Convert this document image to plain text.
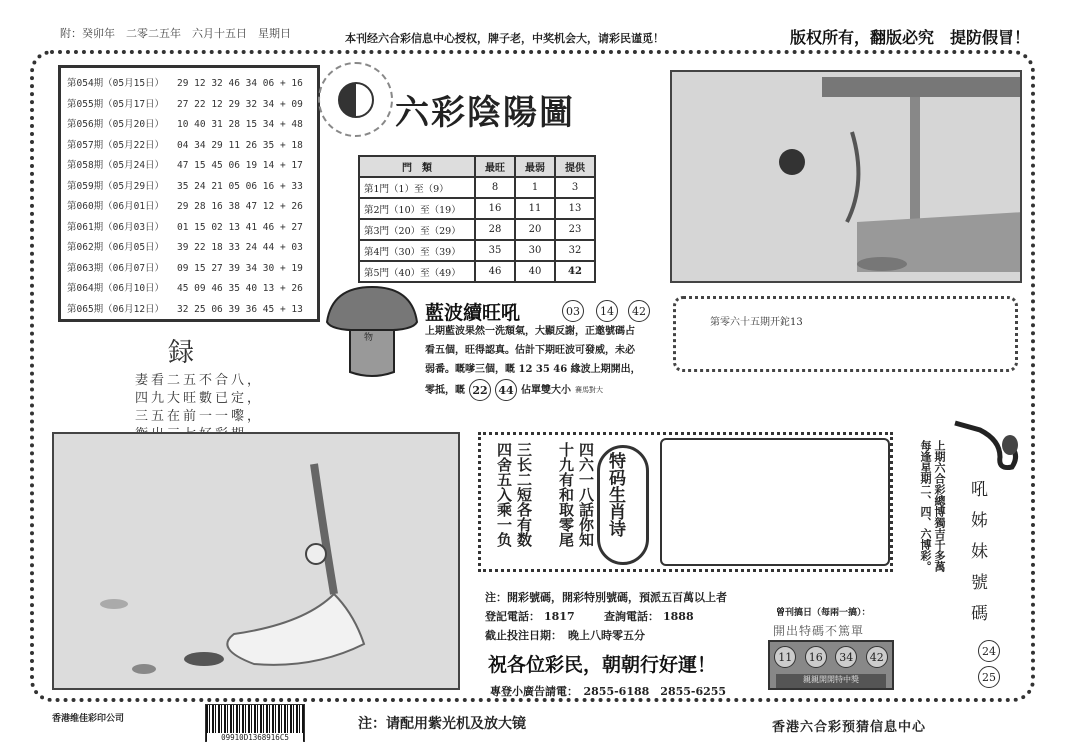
附：癸卯年　二零二五年　六月十五日　星期日	本刊经六合彩信息中心授权，牌子老，中奖机会大，请彩民谨觅！	版权所有，翻版必究　提防假冒！
第054期（05月15日）	29 12 32 46 34 06 + 16
第055期（05月17日）	27 22 12 29 32 34 + 09
第056期（05月20日）	10 40 31 28 15 34 + 48
第057期（05月22日）	04 34 29 11 26 35 + 18
第058期（05月24日）	47 15 45 06 19 14 + 17
第059期（05月29日）	35 24 21 05 06 16 + 33
第060期（06月01日）	29 28 16 38 47 12 + 26
第061期（06月03日）	01 15 02 13 41 46 + 27
第062期（06月05日）	39 22 18 33 24 44 + 03
第063期（06月07日）	09 15 27 39 34 30 + 19
第064期（06月10日）	45 09 46 35 40 13 + 26
第065期（06月12日）	32 25 06 39 36 45 + 13
六彩陰陽圖
門　類	最旺	最弱	提供
第1門（1）至（9）	8	1	3
第2門（10）至（19）	16	11	13
第3門（20）至（29）	28	20	23
第4門（30）至（39）	35	30	32
第5門（40）至（49）	46	40	42
第零六十五期开鉈13
物
藍波續旺吼	03	14	42
上期藍波果然一洗頹氣，大顯反謝，正邀號碼占
看五個，旺得認真。估計下期旺波可發威，未必
弱番。嘅嗲三個，嘅 12 35 46 緣波上期開出，
零抵，嘅 22 44 佔單雙大小 賽馬對大
録
妻看二五不合八，
四九大旺數已定，
三五在前一一嚟，
四六一八話你知
十九有和取零尾
三长二短各有数
四舍五入乘一负	特码生肖诗
注：開彩號碼，開彩特別號碼，預派五百萬以上者
登記電話： 1817	查詢電話： 1888
截止投注日期： 晚上八時零五分
祝各位彩民，朝朝行好運！
專登小廣告請電：　2855-6188　2855-6255
曾刊搞日（每兩一搞）：
開出特碼不篤單
11	16	34	42
親親開開特中獎
上期六合彩總博獨吉千多萬
每逢星期二、四、六博彩。 吼姊妹號碼
24
25
香港维佳彩印公司
09910D1368916C5
注：请配用紫光机及放大镜	香港六合彩预猜信息中心
